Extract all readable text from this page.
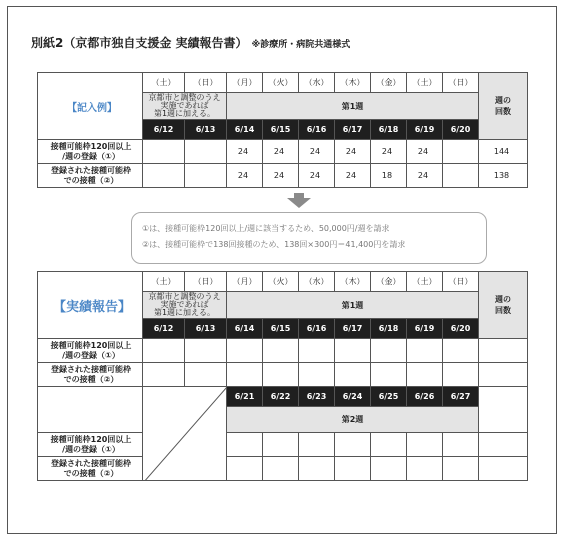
別紙2（京都市独自支援金 実績報告書） ※診療所・病院共通様式
【記入例】	（土）	（日）	（月）	（火）	（水）	（木）	（金）	（土）	（日）	週の
回数
	京都市と調整のうえ
実施であれば
第1週に加える。		第1週							
	6/12	6/13	6/14	6/15	6/16	6/17	6/18	6/19	6/20	
接種可能枠120回以上
/週の登録（①）			24	24	24	24	24	24		144
登録された接種可能枠
での接種（②）			24	24	24	24	18	24		138
①は、接種可能枠120回以上/週に該当するため、50,000円/週を請求
②は、接種可能枠で138回接種のため、138回×300円＝41,400円を請求
【実績報告】	（土）	（日）	（月）	（火）	（水）	（木）	（金）	（土）	（日）	週の
回数
	京都市と調整のうえ
実施であれば
第1週に加える。		第1週							
	6/12	6/13	6/14	6/15	6/16	6/17	6/18	6/19	6/20	
接種可能枠120回以上
/週の登録（①）										
登録された接種可能枠
での接種（②）										

	6/21	6/22	6/23	6/24	6/25	6/26	6/27	
			第2週							
接種可能枠120回以上
/週の登録（①）										
登録された接種可能枠
での接種（②）										
